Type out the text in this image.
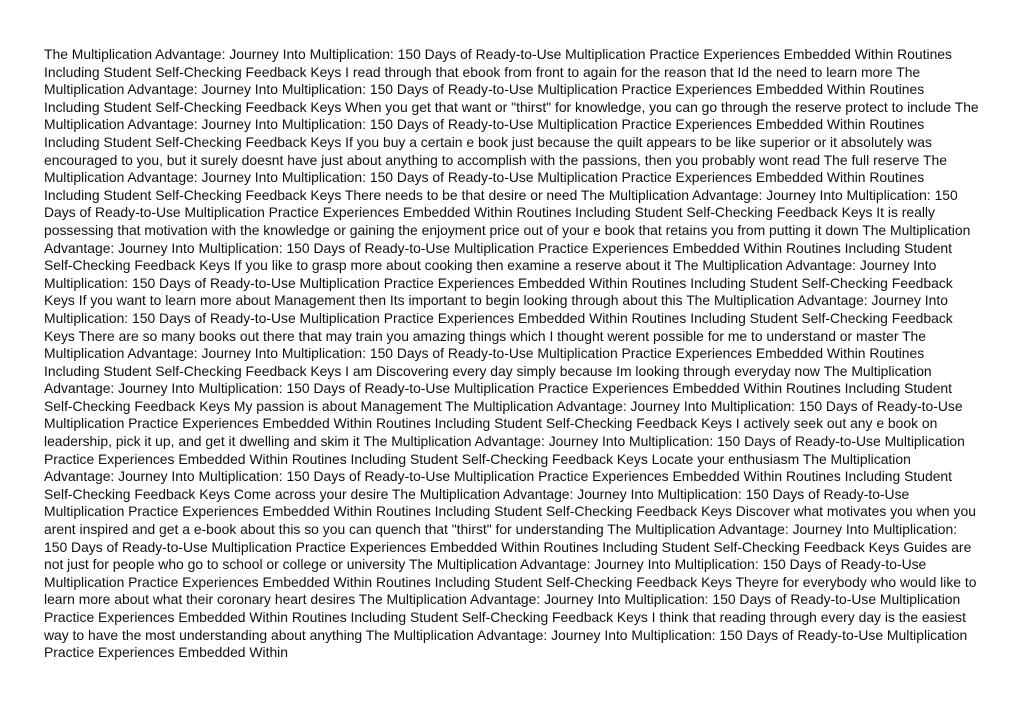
The Multiplication Advantage: Journey Into Multiplication: 150 Days of Ready-to-Use Multiplication Practice Experiences Embedded Within Routines Including Student Self-Checking Feedback Keys I read through that ebook from front to again for the reason that Id the need to learn more The Multiplication Advantage: Journey Into Multiplication: 150 Days of Ready-to-Use Multiplication Practice Experiences Embedded Within Routines Including Student Self-Checking Feedback Keys When you get that want or "thirst" for knowledge, you can go through the reserve protect to include The Multiplication Advantage: Journey Into Multiplication: 150 Days of Ready-to-Use Multiplication Practice Experiences Embedded Within Routines Including Student Self-Checking Feedback Keys If you buy a certain e book just because the quilt appears to be like superior or it absolutely was encouraged to you, but it surely doesnt have just about anything to accomplish with the passions, then you probably wont read The full reserve The Multiplication Advantage: Journey Into Multiplication: 150 Days of Ready-to-Use Multiplication Practice Experiences Embedded Within Routines Including Student Self-Checking Feedback Keys There needs to be that desire or need The Multiplication Advantage: Journey Into Multiplication: 150 Days of Ready-to-Use Multiplication Practice Experiences Embedded Within Routines Including Student Self-Checking Feedback Keys It is really possessing that motivation with the knowledge or gaining the enjoyment price out of your e book that retains you from putting it down The Multiplication Advantage: Journey Into Multiplication: 150 Days of Ready-to-Use Multiplication Practice Experiences Embedded Within Routines Including Student Self-Checking Feedback Keys If you like to grasp more about cooking then examine a reserve about it The Multiplication Advantage: Journey Into Multiplication: 150 Days of Ready-to-Use Multiplication Practice Experiences Embedded Within Routines Including Student Self-Checking Feedback Keys If you want to learn more about Management then Its important to begin looking through about this The Multiplication Advantage: Journey Into Multiplication: 150 Days of Ready-to-Use Multiplication Practice Experiences Embedded Within Routines Including Student Self-Checking Feedback Keys There are so many books out there that may train you amazing things which I thought werent possible for me to understand or master The Multiplication Advantage: Journey Into Multiplication: 150 Days of Ready-to-Use Multiplication Practice Experiences Embedded Within Routines Including Student Self-Checking Feedback Keys I am Discovering every day simply because Im looking through everyday now The Multiplication Advantage: Journey Into Multiplication: 150 Days of Ready-to-Use Multiplication Practice Experiences Embedded Within Routines Including Student Self-Checking Feedback Keys My passion is about Management The Multiplication Advantage: Journey Into Multiplication: 150 Days of Ready-to-Use Multiplication Practice Experiences Embedded Within Routines Including Student Self-Checking Feedback Keys I actively seek out any e book on leadership, pick it up, and get it dwelling and skim it The Multiplication Advantage: Journey Into Multiplication: 150 Days of Ready-to-Use Multiplication Practice Experiences Embedded Within Routines Including Student Self-Checking Feedback Keys Locate your enthusiasm The Multiplication Advantage: Journey Into Multiplication: 150 Days of Ready-to-Use Multiplication Practice Experiences Embedded Within Routines Including Student Self-Checking Feedback Keys Come across your desire The Multiplication Advantage: Journey Into Multiplication: 150 Days of Ready-to-Use Multiplication Practice Experiences Embedded Within Routines Including Student Self-Checking Feedback Keys Discover what motivates you when you arent inspired and get a e-book about this so you can quench that "thirst" for understanding The Multiplication Advantage: Journey Into Multiplication: 150 Days of Ready-to-Use Multiplication Practice Experiences Embedded Within Routines Including Student Self-Checking Feedback Keys Guides are not just for people who go to school or college or university The Multiplication Advantage: Journey Into Multiplication: 150 Days of Ready-to-Use Multiplication Practice Experiences Embedded Within Routines Including Student Self-Checking Feedback Keys Theyre for everybody who would like to learn more about what their coronary heart desires The Multiplication Advantage: Journey Into Multiplication: 150 Days of Ready-to-Use Multiplication Practice Experiences Embedded Within Routines Including Student Self-Checking Feedback Keys I think that reading through every day is the easiest way to have the most understanding about anything The Multiplication Advantage: Journey Into Multiplication: 150 Days of Ready-to-Use Multiplication Practice Experiences Embedded Within
